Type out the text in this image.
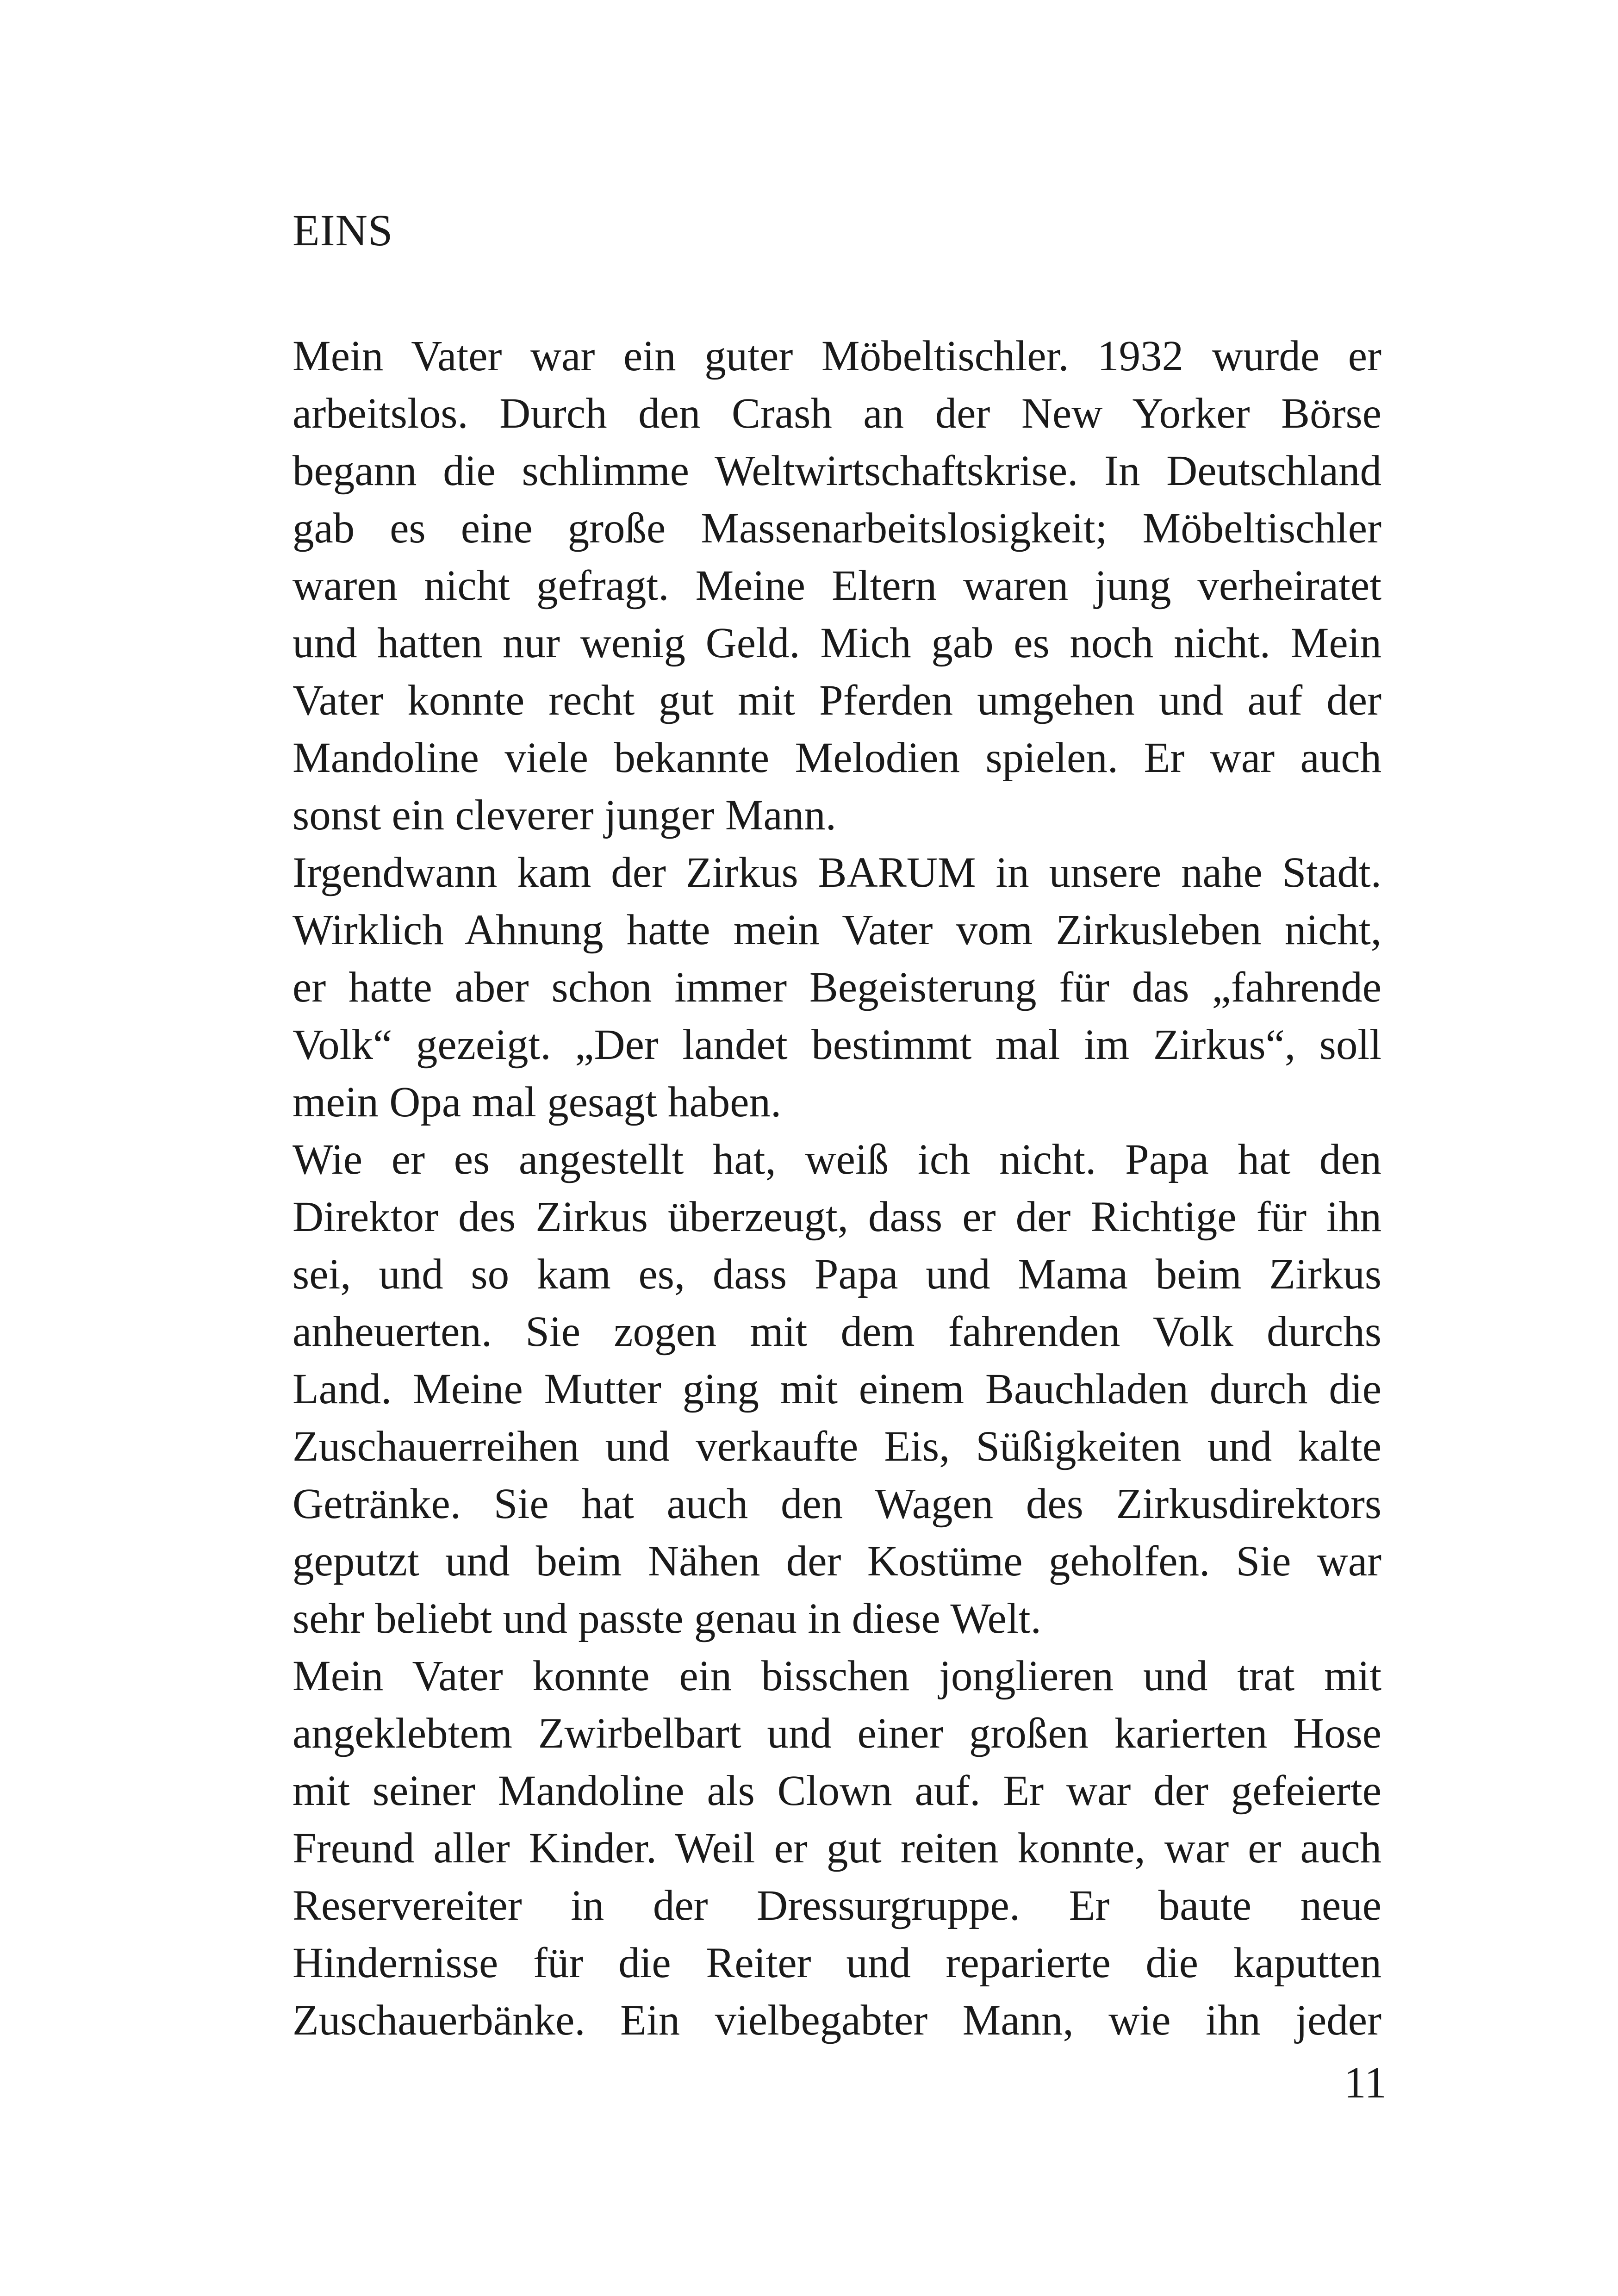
EINS
Mein Vater war ein guter Möbeltischler. 1932 wurde er
arbeitslos. Durch den Crash an der New Yorker Börse
begann die schlimme Weltwirtschaftskrise. In Deutschland
gab es eine große Massenarbeitslosigkeit; Möbeltischler
waren nicht gefragt. Meine Eltern waren jung verheiratet
und hatten nur wenig Geld. Mich gab es noch nicht. Mein
Vater konnte recht gut mit Pferden umgehen und auf der
Mandoline viele bekannte Melodien spielen. Er war auch
sonst ein cleverer junger Mann.
Irgendwann kam der Zirkus BARUM in unsere nahe Stadt.
Wirklich Ahnung hatte mein Vater vom Zirkusleben nicht,
er hatte aber schon immer Begeisterung für das „fahrende
Volk“ gezeigt. „Der landet bestimmt mal im Zirkus“, soll
mein Opa mal gesagt haben.
Wie er es angestellt hat, weiß ich nicht. Papa hat den
Direktor des Zirkus überzeugt, dass er der Richtige für ihn
sei, und so kam es, dass Papa und Mama beim Zirkus
anheuerten. Sie zogen mit dem fahrenden Volk durchs
Land. Meine Mutter ging mit einem Bauchladen durch die
Zuschauerreihen und verkaufte Eis, Süßigkeiten und kalte
Getränke. Sie hat auch den Wagen des Zirkusdirektors
geputzt und beim Nähen der Kostüme geholfen. Sie war
sehr beliebt und passte genau in diese Welt.
Mein Vater konnte ein bisschen jonglieren und trat mit
angeklebtem Zwirbelbart und einer großen karierten Hose
mit seiner Mandoline als Clown auf. Er war der gefeierte
Freund aller Kinder. Weil er gut reiten konnte, war er auch
Reservereiter in der Dressurgruppe. Er baute neue
Hindernisse für die Reiter und reparierte die kaputten
Zuschauerbänke. Ein vielbegabter Mann, wie ihn jeder
11
